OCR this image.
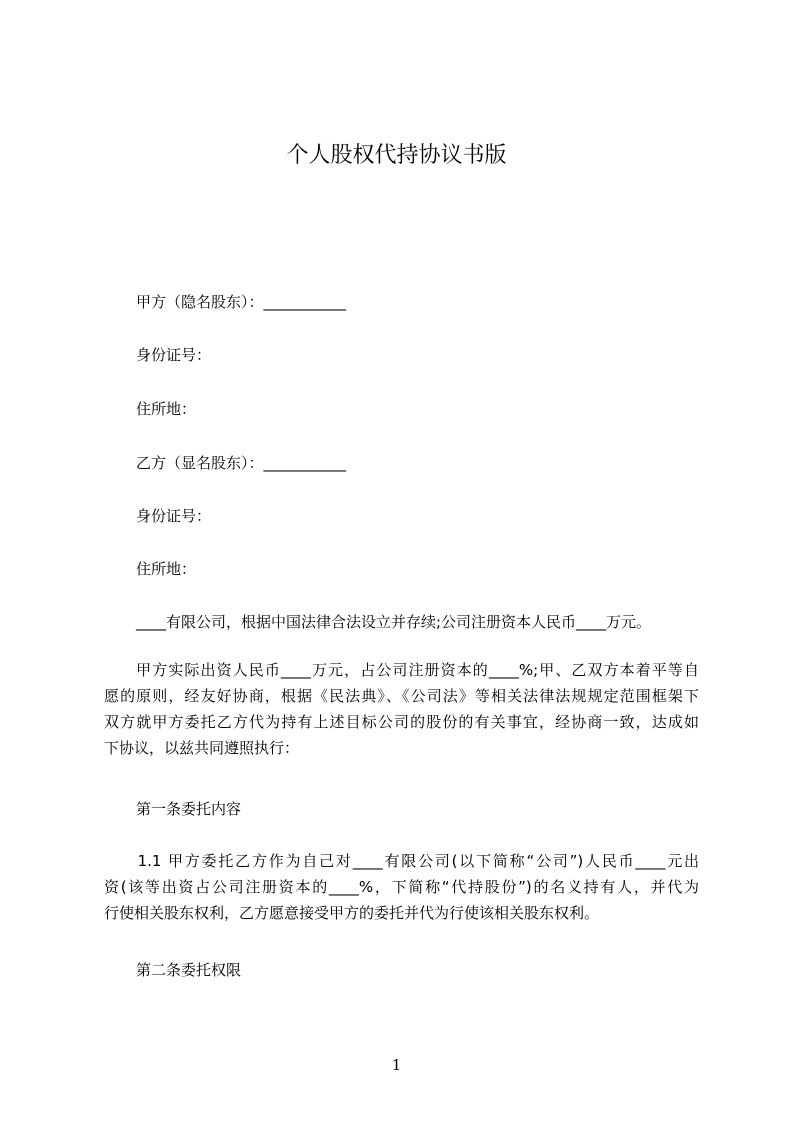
个人股权代持协议书版
甲方（隐名股东）：___________
身份证号：
住所地：
乙方（显名股东）：___________
身份证号：
住所地：
____有限公司，根据中国法律合法设立并存续;公司注册资本人民币____万元。
　　甲方实际出资人民币____万元，占公司注册资本的____%;甲、乙双方本着平等自
愿的原则，经友好协商，根据《民法典》、《公司法》等相关法律法规规定范围框架下
双方就甲方委托乙方代为持有上述目标公司的股份的有关事宜，经协商一致，达成如
下协议，以兹共同遵照执行：
第一条委托内容
　　1.1 甲方委托乙方作为自己对____有限公司(以下简称“公司”)人民币____元出
资(该等出资占公司注册资本的____%，下简称“代持股份”)的名义持有人，并代为
行使相关股东权利，乙方愿意接受甲方的委托并代为行使该相关股东权利。
第二条委托权限
1
